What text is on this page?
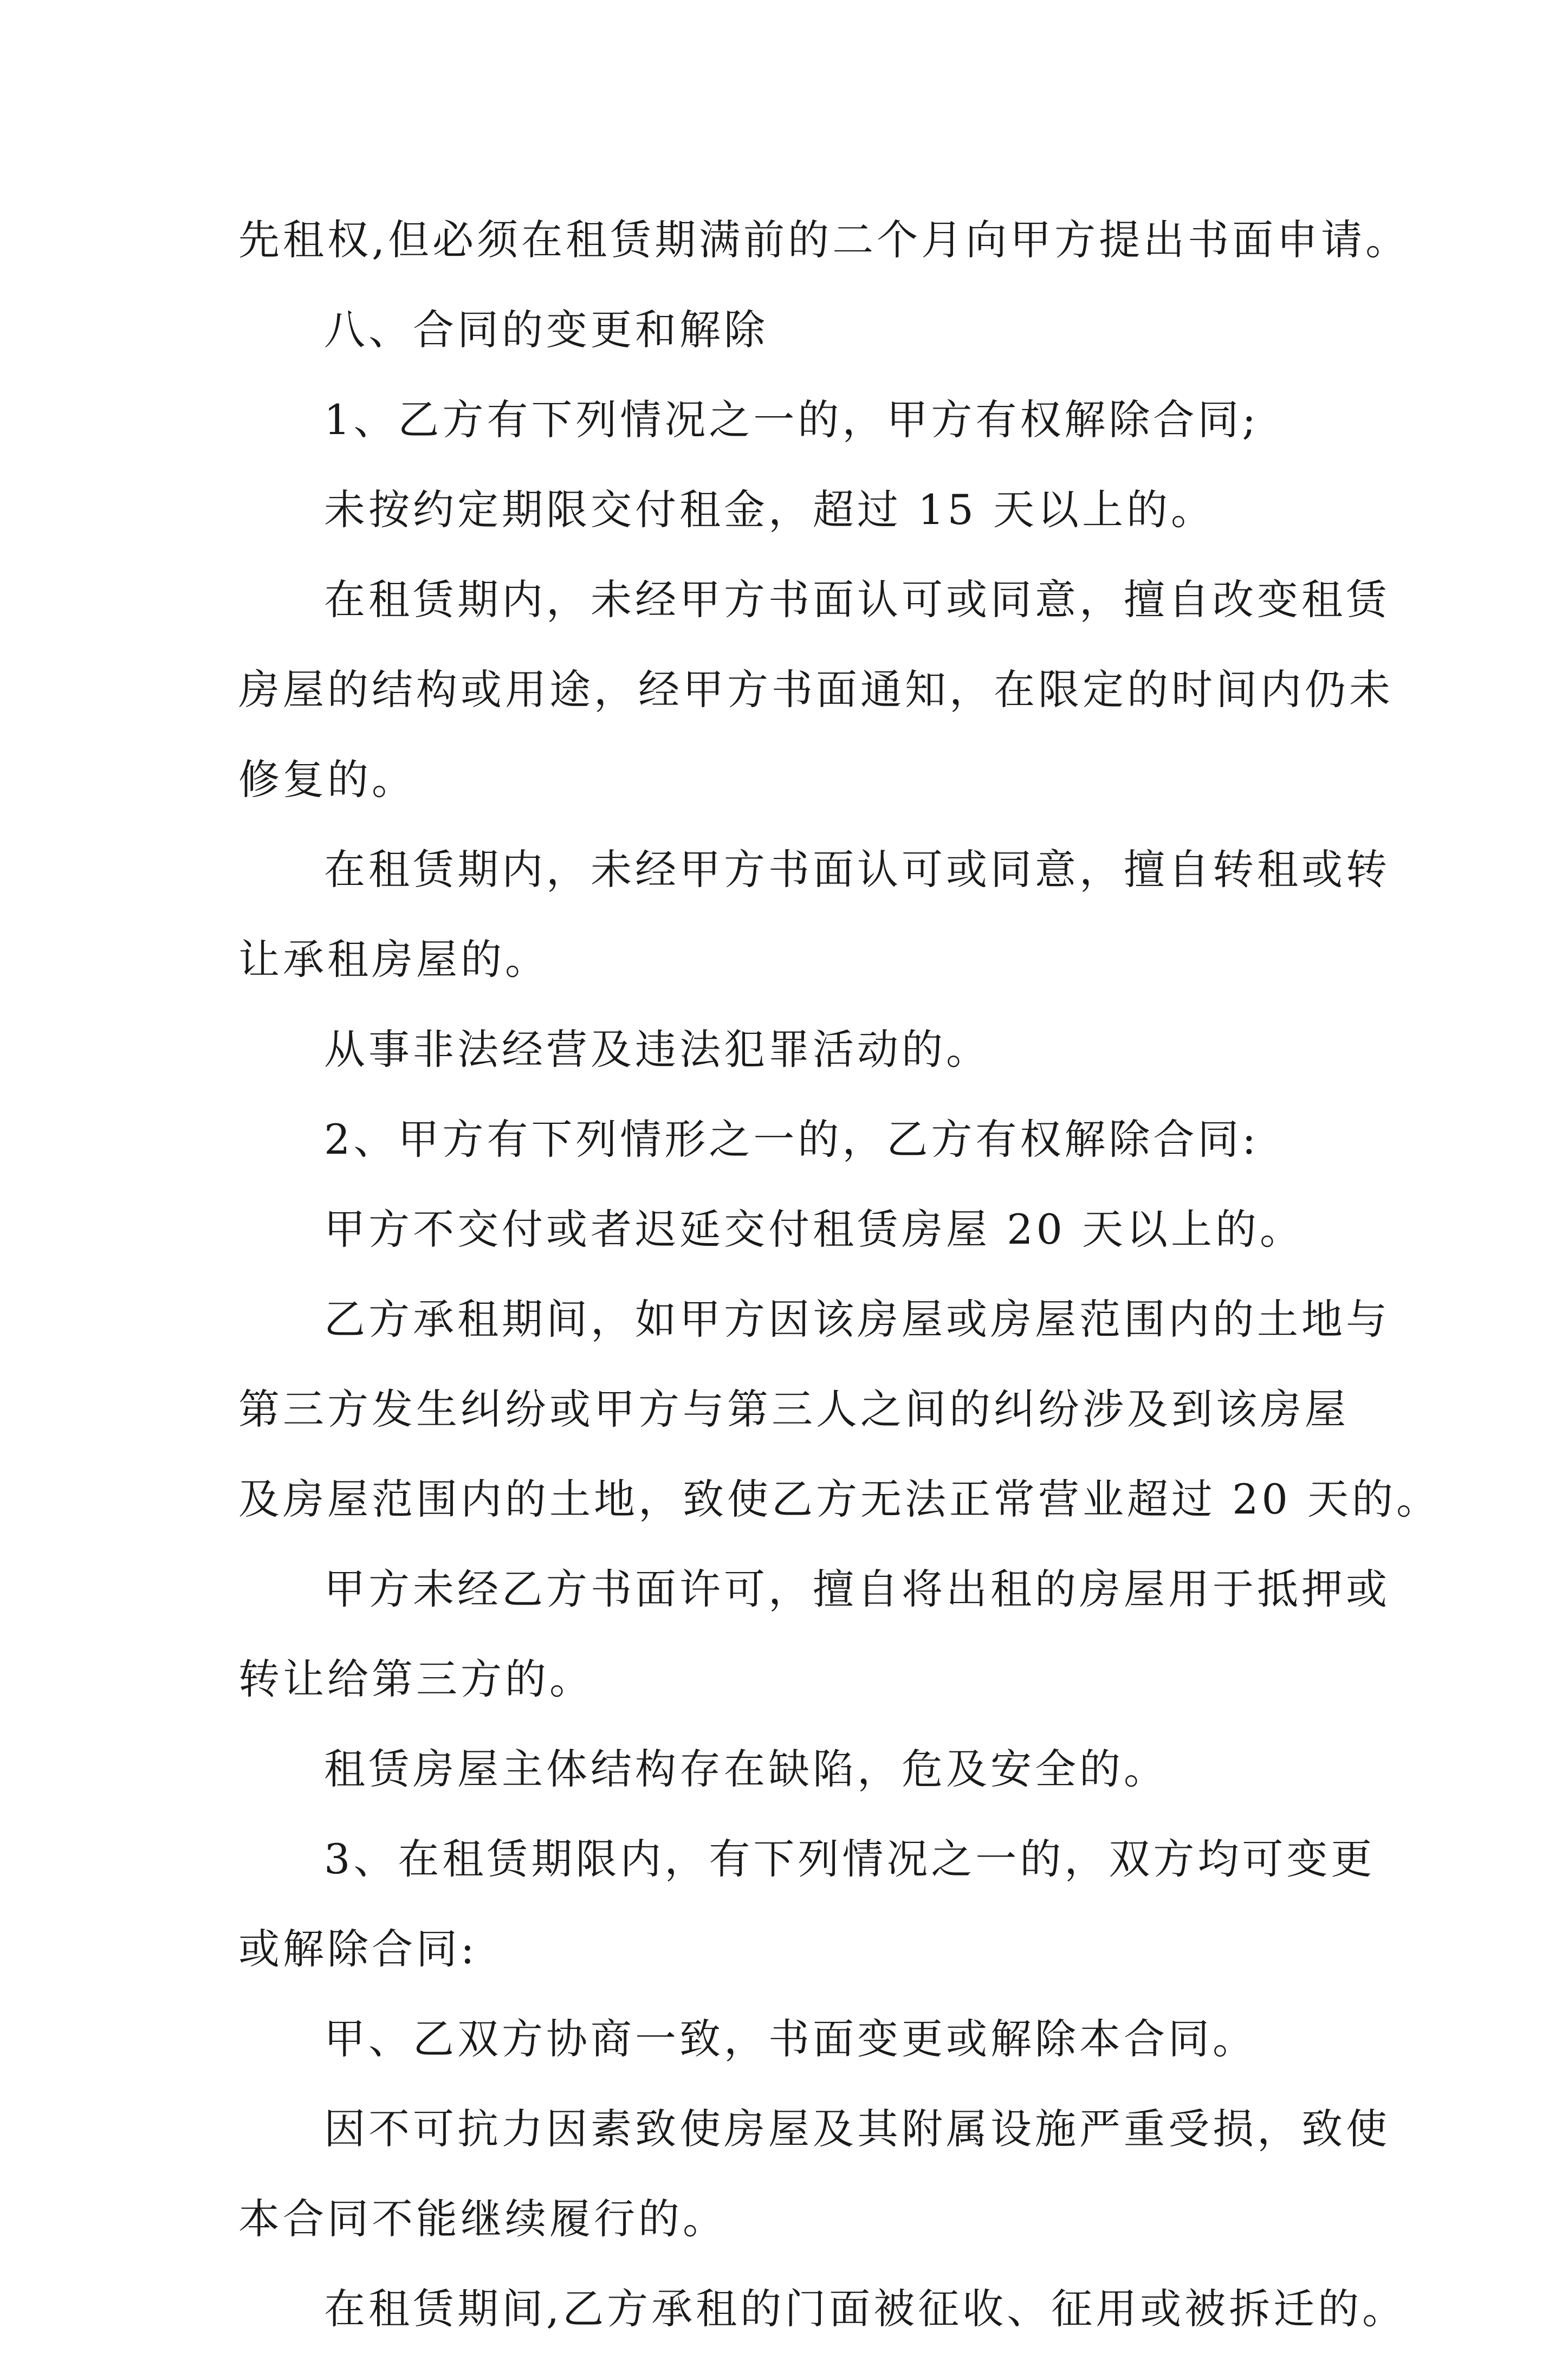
先租权,但必须在租赁期满前的二个月向甲方提出书面申请。
八、合同的变更和解除
1、乙方有下列情况之一的，甲方有权解除合同;
未按约定期限交付租金，超过 15 天以上的。
在租赁期内，未经甲方书面认可或同意，擅自改变租赁
房屋的结构或用途，经甲方书面通知，在限定的时间内仍未
修复的。
在租赁期内，未经甲方书面认可或同意，擅自转租或转
让承租房屋的。
从事非法经营及违法犯罪活动的。
2、甲方有下列情形之一的，乙方有权解除合同:
甲方不交付或者迟延交付租赁房屋 20 天以上的。
乙方承租期间，如甲方因该房屋或房屋范围内的土地与
第三方发生纠纷或甲方与第三人之间的纠纷涉及到该房屋
及房屋范围内的土地，致使乙方无法正常营业超过 20 天的。
甲方未经乙方书面许可，擅自将出租的房屋用于抵押或
转让给第三方的。
租赁房屋主体结构存在缺陷，危及安全的。
3、在租赁期限内，有下列情况之一的，双方均可变更
或解除合同:
甲、乙双方协商一致，书面变更或解除本合同。
因不可抗力因素致使房屋及其附属设施严重受损，致使
本合同不能继续履行的。
在租赁期间,乙方承租的门面被征收、征用或被拆迁的。
